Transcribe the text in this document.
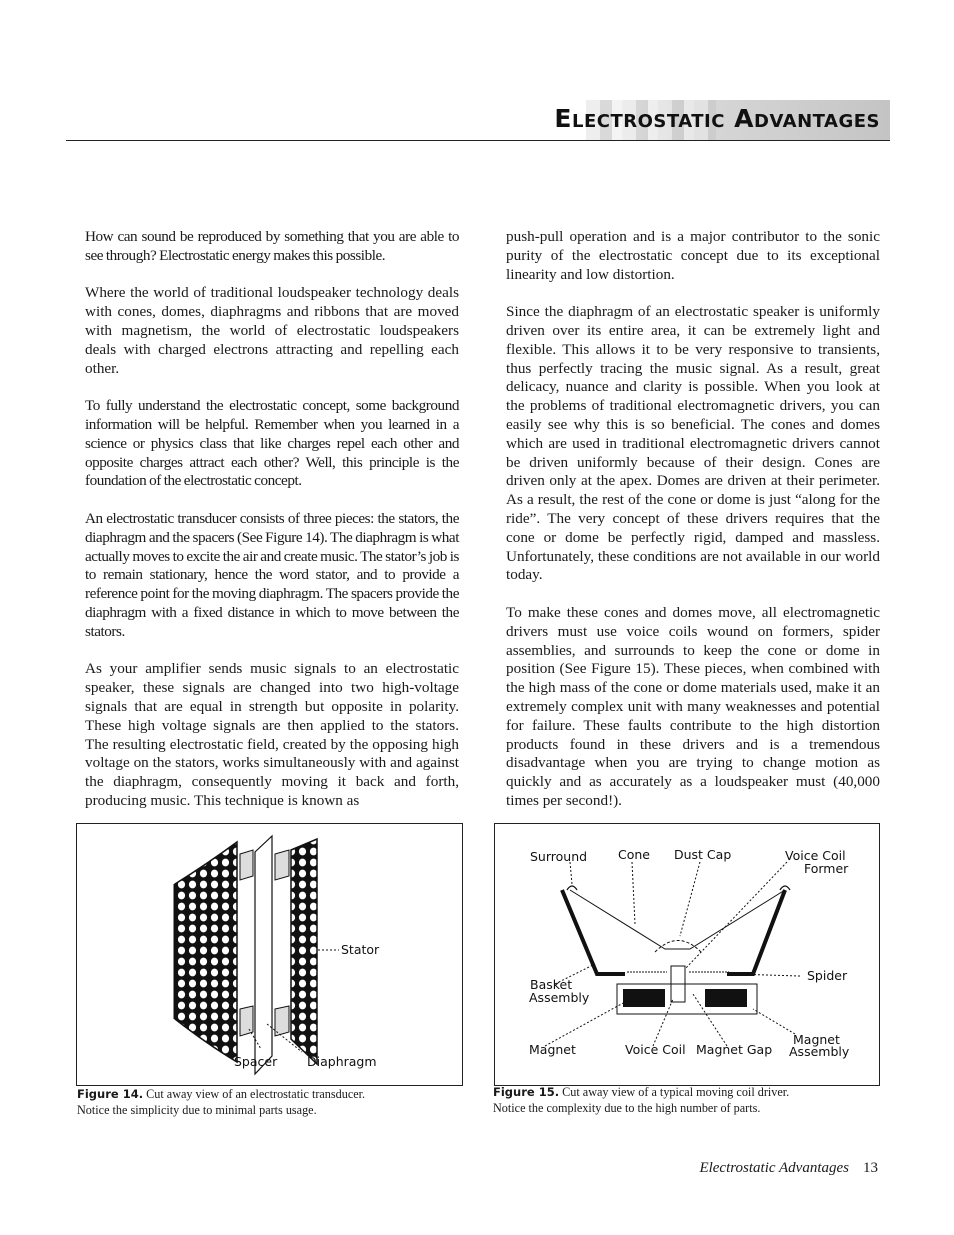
Electrostatic Advantages

How can sound be reproduced by something that you are able to see through? Electrostatic energy makes this possible.

Where the world of traditional loudspeaker technology deals with cones, domes, diaphragms and ribbons that are moved with magnetism, the world of electrostatic loudspeakers deals with charged electrons attracting and repelling each other.

To fully understand the electrostatic concept, some background information will be helpful. Remember when you learned in a science or physics class that like charges repel each other and opposite charges attract each other? Well, this principle is the foundation of the electrostatic concept.

An electrostatic transducer consists of three pieces: the stators, the diaphragm and the spacers (See Figure 14). The diaphragm is what actually moves to excite the air and create music. The stator’s job is to remain stationary, hence the word stator, and to provide a reference point for the moving diaphragm. The spacers provide the diaphragm with a fixed distance in which to move between the stators.

As your amplifier sends music signals to an electrostatic speaker, these signals are changed into two high-voltage signals that are equal in strength but opposite in polarity. These high voltage signals are then applied to the stators. The resulting electrostatic field, created by the opposing high voltage on the stators, works simultaneously with and against the diaphragm, consequently moving it back and forth, producing music. This technique is known as

push-pull operation and is a major contributor to the sonic purity of the electrostatic concept due to its exceptional linearity and low distortion.

Since the diaphragm of an electrostatic speaker is uniformly driven over its entire area, it can be extremely light and flexible. This allows it to be very responsive to transients, thus perfectly tracing the music signal. As a result, great delicacy, nuance and clarity is possible. When you look at the problems of traditional electromagnetic drivers, you can easily see why this is so beneficial. The cones and domes which are used in traditional electromagnetic drivers cannot be driven uniformly because of their design. Cones are driven only at the apex. Domes are driven at their perimeter. As a result, the rest of the cone or dome is just “along for the ride”. The very concept of these drivers requires that the cone or dome be perfectly rigid, damped and massless. Unfortunately, these conditions are not available in our world today.

To make these cones and domes move, all electromagnetic drivers must use voice coils wound on formers, spider assemblies, and surrounds to keep the cone or dome in position (See Figure 15). These pieces, when combined with the high mass of the cone or dome materials used, make it an extremely complex unit with many weaknesses and potential for failure. These faults contribute to the high distortion products found in these drivers and is a tremendous disadvantage when you are trying to change motion as quickly and as accurately as a loudspeaker must (40,000 times per second!).

Stator
Spacer Diaphragm
Figure 14. Cut away view of an electrostatic transducer.
Notice the simplicity due to minimal parts usage.
Surround Cone Dust Cap	Voice Coil
Former
Basket
Assembly
Spider
Magnet	Voice Coil Magnet Gap
Magnet
Assembly
Figure 15. Cut away view of a typical moving coil driver.
Notice the complexity due to the high number of parts.
Electrostatic Advantages 13
